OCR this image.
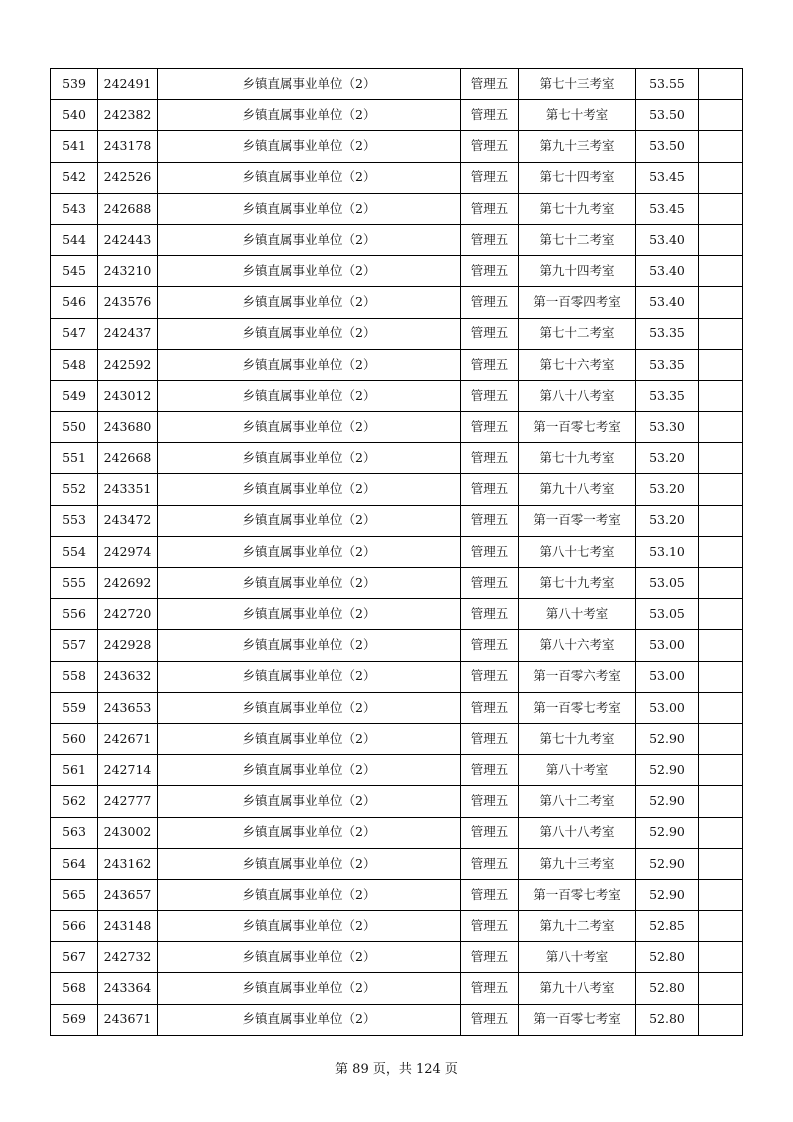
539	242491	乡镇直属事业单位（2）	管理五	第七十三考室	53.55	
540	242382	乡镇直属事业单位（2）	管理五	第七十考室	53.50	
541	243178	乡镇直属事业单位（2）	管理五	第九十三考室	53.50	
542	242526	乡镇直属事业单位（2）	管理五	第七十四考室	53.45	
543	242688	乡镇直属事业单位（2）	管理五	第七十九考室	53.45	
544	242443	乡镇直属事业单位（2）	管理五	第七十二考室	53.40	
545	243210	乡镇直属事业单位（2）	管理五	第九十四考室	53.40	
546	243576	乡镇直属事业单位（2）	管理五	第一百零四考室	53.40	
547	242437	乡镇直属事业单位（2）	管理五	第七十二考室	53.35	
548	242592	乡镇直属事业单位（2）	管理五	第七十六考室	53.35	
549	243012	乡镇直属事业单位（2）	管理五	第八十八考室	53.35	
550	243680	乡镇直属事业单位（2）	管理五	第一百零七考室	53.30	
551	242668	乡镇直属事业单位（2）	管理五	第七十九考室	53.20	
552	243351	乡镇直属事业单位（2）	管理五	第九十八考室	53.20	
553	243472	乡镇直属事业单位（2）	管理五	第一百零一考室	53.20	
554	242974	乡镇直属事业单位（2）	管理五	第八十七考室	53.10	
555	242692	乡镇直属事业单位（2）	管理五	第七十九考室	53.05	
556	242720	乡镇直属事业单位（2）	管理五	第八十考室	53.05	
557	242928	乡镇直属事业单位（2）	管理五	第八十六考室	53.00	
558	243632	乡镇直属事业单位（2）	管理五	第一百零六考室	53.00	
559	243653	乡镇直属事业单位（2）	管理五	第一百零七考室	53.00	
560	242671	乡镇直属事业单位（2）	管理五	第七十九考室	52.90	
561	242714	乡镇直属事业单位（2）	管理五	第八十考室	52.90	
562	242777	乡镇直属事业单位（2）	管理五	第八十二考室	52.90	
563	243002	乡镇直属事业单位（2）	管理五	第八十八考室	52.90	
564	243162	乡镇直属事业单位（2）	管理五	第九十三考室	52.90	
565	243657	乡镇直属事业单位（2）	管理五	第一百零七考室	52.90	
566	243148	乡镇直属事业单位（2）	管理五	第九十二考室	52.85	
567	242732	乡镇直属事业单位（2）	管理五	第八十考室	52.80	
568	243364	乡镇直属事业单位（2）	管理五	第九十八考室	52.80	
569	243671	乡镇直属事业单位（2）	管理五	第一百零七考室	52.80	
第 89 页，共 124 页
